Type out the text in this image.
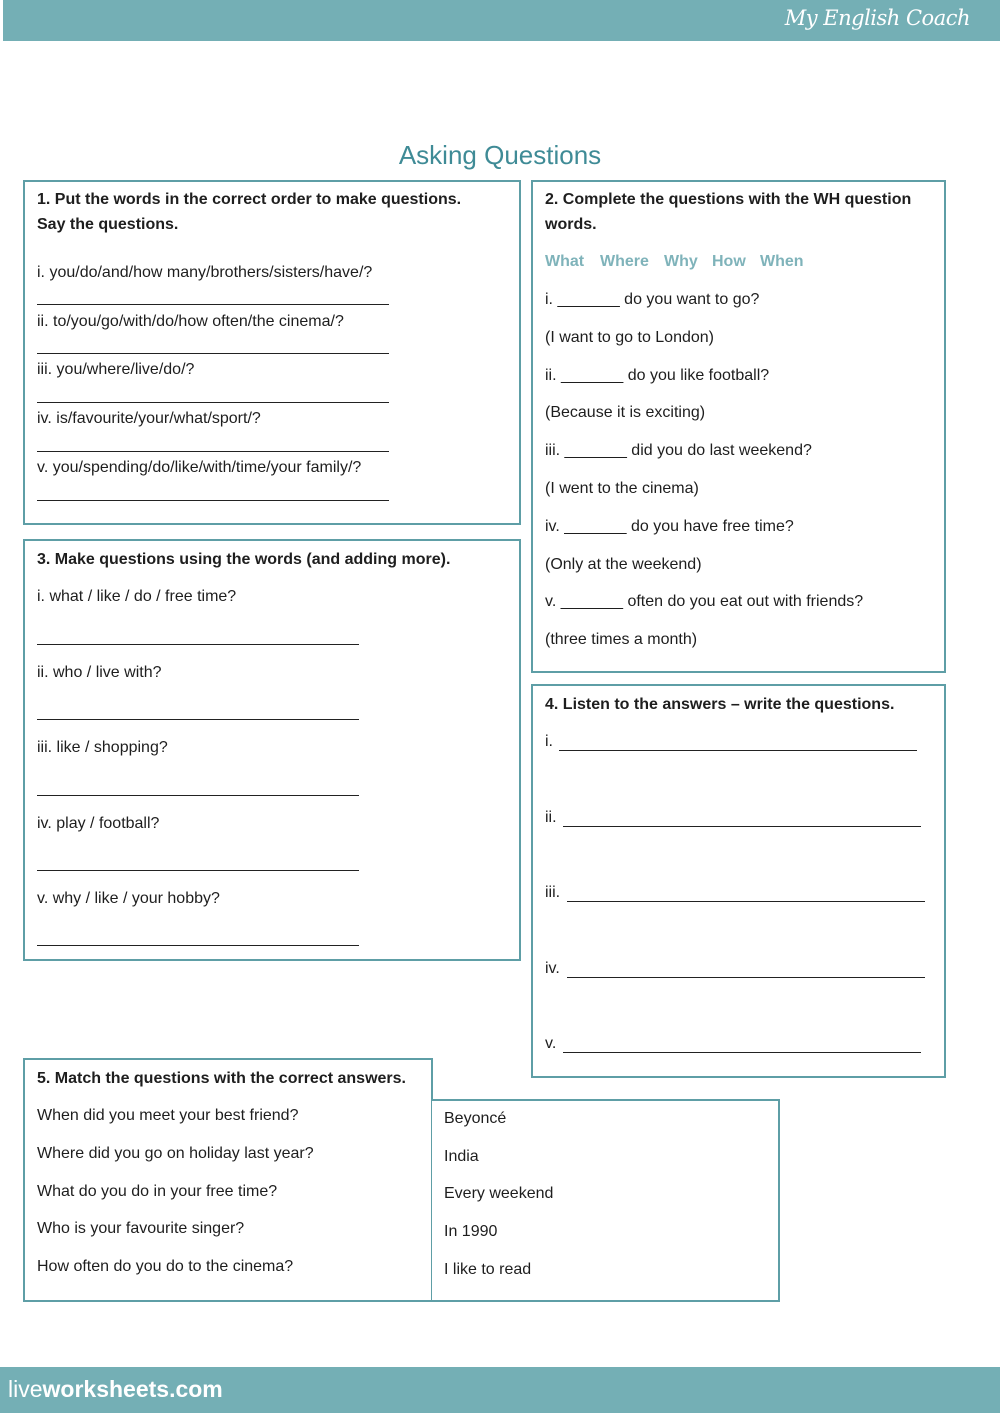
My English Coach
Asking Questions
1. Put the words in the correct order to make questions.
Say the questions.
i. you/do/and/how many/brothers/sisters/have/?
ii. to/you/go/with/do/how often/the cinema/?
iii. you/where/live/do/?
iv. is/favourite/your/what/sport/?
v. you/spending/do/like/with/time/your family/?
2. Complete the questions with the WH question
words.
What Where Why How When
i. _______ do you want to go?
(I want to go to London)
ii. _______ do you like football?
(Because it is exciting)
iii. _______ did you do last weekend?
(I went to the cinema)
iv. _______ do you have free time?
(Only at the weekend)
v. _______ often do you eat out with friends?
(three times a month)
3. Make questions using the words (and adding more).
i. what / like / do / free time?
ii. who / live with?
iii. like / shopping?
iv. play / football?
v. why / like / your hobby?
4. Listen to the answers – write the questions.
i.
ii.
iii.
iv.
v.
5. Match the questions with the correct answers.
When did you meet your best friend?
Where did you go on holiday last year?
What do you do in your free time?
Who is your favourite singer?
How often do you do to the cinema?
Beyoncé
India
Every weekend
In 1990
I like to read
liveworksheets.com
